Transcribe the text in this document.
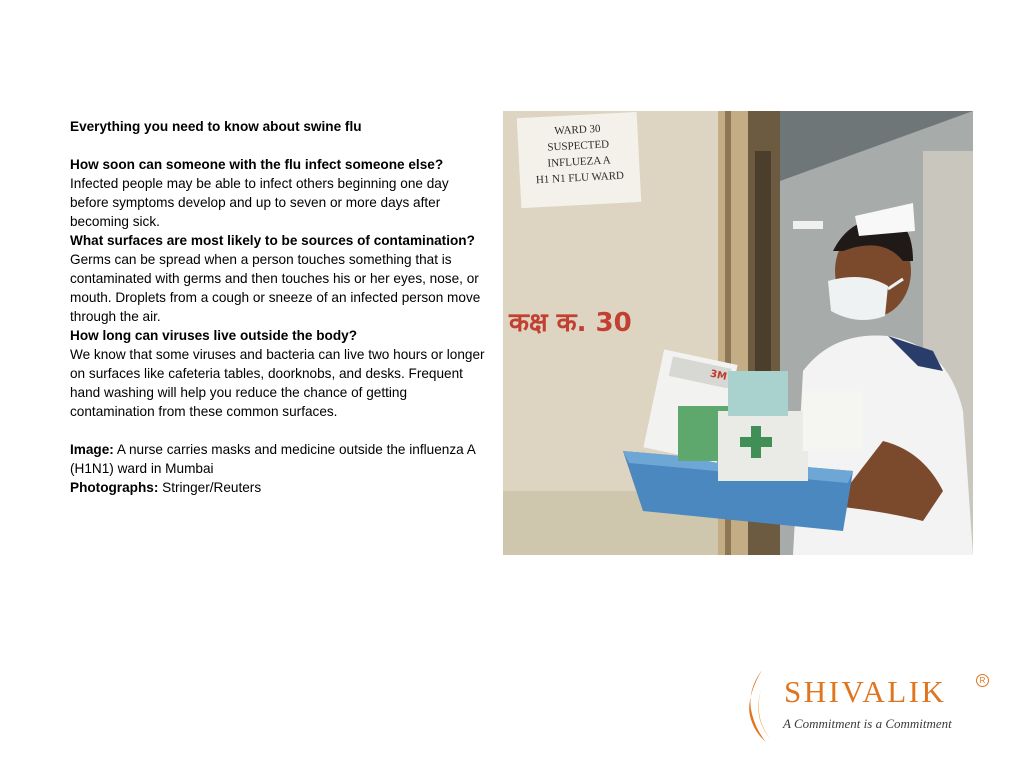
Everything you need to know about swine flu

How soon can someone with the flu infect someone else?

Infected people may be able to infect others beginning one day before symptoms develop and up to seven or more days after becoming sick.

What surfaces are most likely to be sources of contamination?

Germs can be spread when a person touches something that is contaminated with germs and then touches his or her eyes, nose, or mouth. Droplets from a cough or sneeze of an infected person move through the air.

How long can viruses live outside the body?

We know that some viruses and bacteria can live two hours or longer on surfaces like cafeteria tables, doorknobs, and desks. Frequent hand washing will help you reduce the chance of getting contamination from these common surfaces.

Image: A nurse carries masks and medicine outside the influenza A (H1N1) ward in Mumbai

Photographs: Stringer/Reuters

WARD 30
SUSPECTED
INFLUEZA A
H1 N1 FLU WARD
कक्ष क. 30
3M
SHIVALIK	R
A Commitment is a Commitment
